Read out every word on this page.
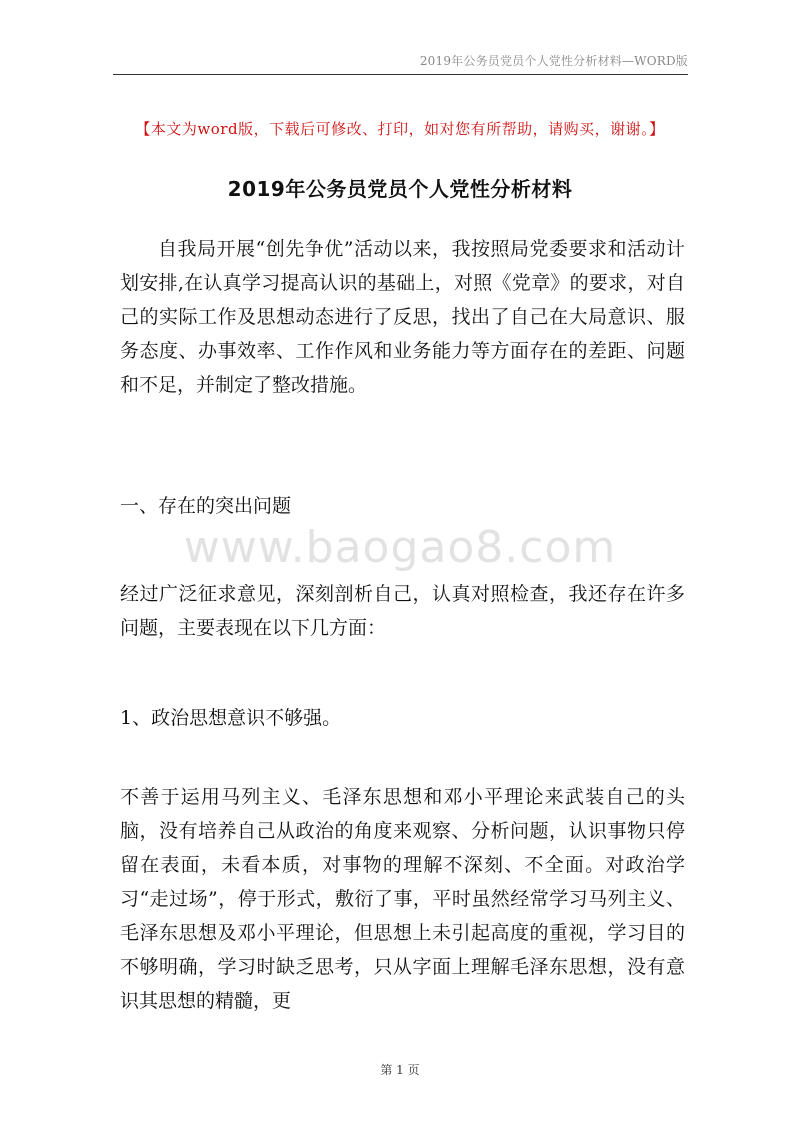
2019年公务员党员个人党性分析材料—WORD版
【本文为word版，下载后可修改、打印，如对您有所帮助，请购买，谢谢。】
2019年公务员党员个人党性分析材料
自我局开展“创先争优”活动以来，我按照局党委要求和活动计划安排,在认真学习提高认识的基础上，对照《党章》的要求，对自己的实际工作及思想动态进行了反思，找出了自己在大局意识、服务态度、办事效率、工作作风和业务能力等方面存在的差距、问题和不足，并制定了整改措施。
一、存在的突出问题
www.baogao8.com
经过广泛征求意见，深刻剖析自己，认真对照检查，我还存在许多问题，主要表现在以下几方面：
1、政治思想意识不够强。
不善于运用马列主义、毛泽东思想和邓小平理论来武装自己的头脑，没有培养自己从政治的角度来观察、分析问题，认识事物只停留在表面，未看本质，对事物的理解不深刻、不全面。对政治学习“走过场”，停于形式，敷衍了事，平时虽然经常学习马列主义、毛泽东思想及邓小平理论，但思想上未引起高度的重视，学习目的不够明确，学习时缺乏思考，只从字面上理解毛泽东思想，没有意识其思想的精髓，更
第 1 页
